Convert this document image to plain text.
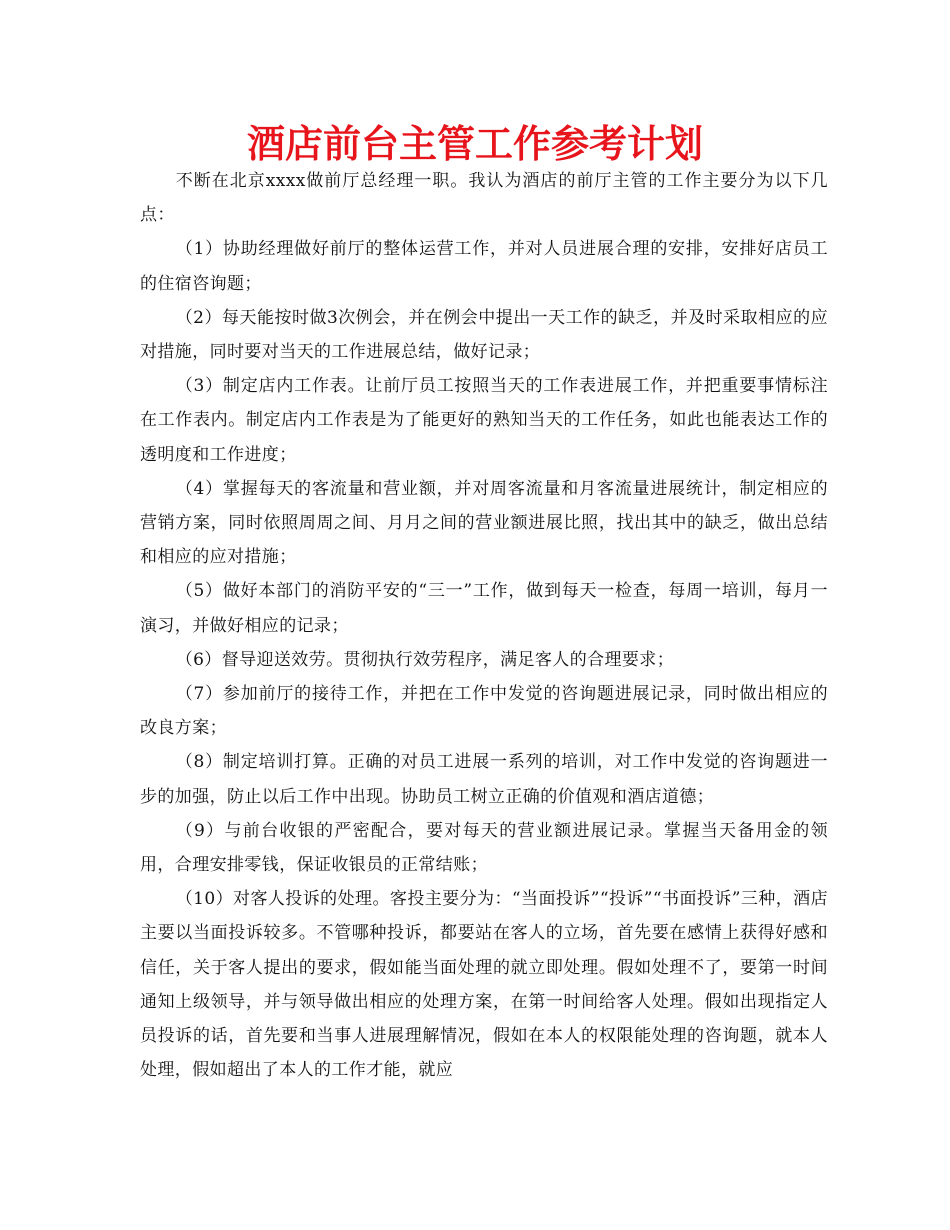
酒店前台主管工作参考计划

不断在北京xxxx做前厅总经理一职。我认为酒店的前厅主管的工作主要分为以下几点：

（1）协助经理做好前厅的整体运营工作，并对人员进展合理的安排，安排好店员工的住宿咨询题；

（2）每天能按时做3次例会，并在例会中提出一天工作的缺乏，并及时采取相应的应对措施，同时要对当天的工作进展总结，做好记录；

（3）制定店内工作表。让前厅员工按照当天的工作表进展工作，并把重要事情标注在工作表内。制定店内工作表是为了能更好的熟知当天的工作任务，如此也能表达工作的透明度和工作进度；

（4）掌握每天的客流量和营业额，并对周客流量和月客流量进展统计，制定相应的营销方案，同时依照周周之间、月月之间的营业额进展比照，找出其中的缺乏，做出总结和相应的应对措施；

（5）做好本部门的消防平安的“三一”工作，做到每天一检查，每周一培训，每月一演习，并做好相应的记录；

（6）督导迎送效劳。贯彻执行效劳程序，满足客人的合理要求；

（7）参加前厅的接待工作，并把在工作中发觉的咨询题进展记录，同时做出相应的改良方案；

（8）制定培训打算。正确的对员工进展一系列的培训，对工作中发觉的咨询题进一步的加强，防止以后工作中出现。协助员工树立正确的价值观和酒店道德；

（9）与前台收银的严密配合，要对每天的营业额进展记录。掌握当天备用金的领用，合理安排零钱，保证收银员的正常结账；

（10）对客人投诉的处理。客投主要分为：“当面投诉”“投诉”“书面投诉”三种，酒店主要以当面投诉较多。不管哪种投诉，都要站在客人的立场，首先要在感情上获得好感和信任，关于客人提出的要求，假如能当面处理的就立即处理。假如处理不了，要第一时间通知上级领导，并与领导做出相应的处理方案，在第一时间给客人处理。假如出现指定人员投诉的话，首先要和当事人进展理解情况，假如在本人的权限能处理的咨询题，就本人处理，假如超出了本人的工作才能，就应
